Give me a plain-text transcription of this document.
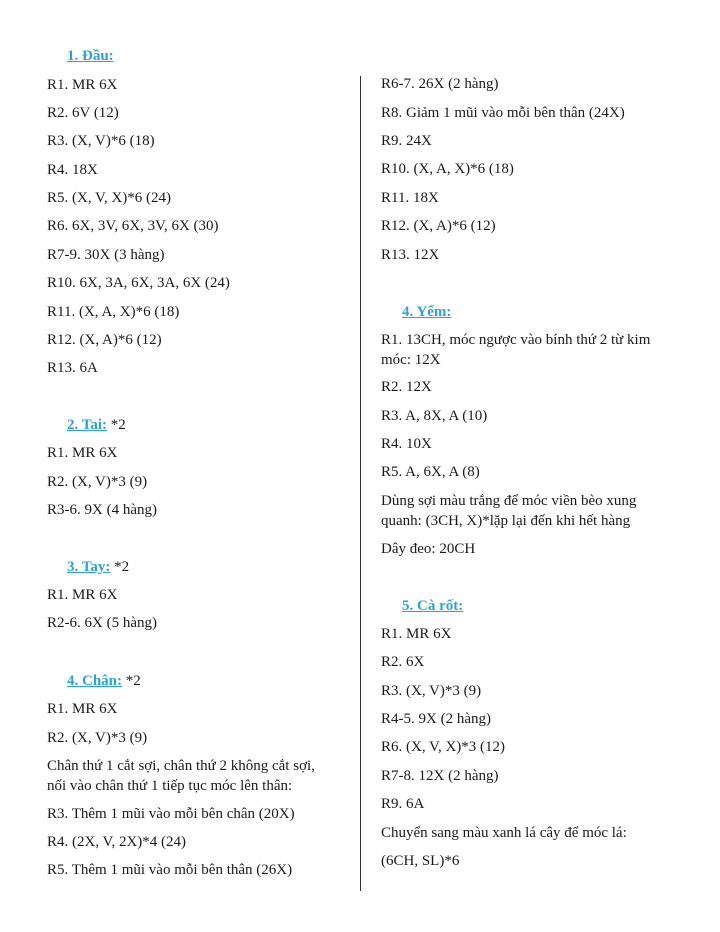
1. Đầu:
R1. MR 6X
R2. 6V (12)
R3. (X, V)*6 (18)
R4. 18X
R5. (X, V, X)*6 (24)
R6. 6X, 3V, 6X, 3V, 6X (30)
R7-9. 30X (3 hàng)
R10. 6X, 3A, 6X, 3A, 6X (24)
R11. (X, A, X)*6 (18)
R12. (X, A)*6 (12)
R13. 6A
2. Tai: *2
R1. MR 6X
R2. (X, V)*3 (9)
R3-6. 9X (4 hàng)
3. Tay: *2
R1. MR 6X
R2-6. 6X (5 hàng)
4. Chân: *2
R1. MR 6X
R2. (X, V)*3 (9)
Chân thứ 1 cắt sợi, chân thứ 2 không cắt sợi, nối vào chân thứ 1 tiếp tục móc lên thân:
R3. Thêm 1 mũi vào mỗi bên chân (20X)
R4. (2X, V, 2X)*4 (24)
R5. Thêm 1 mũi vào mỗi bên thân (26X)
R6-7. 26X (2 hàng)
R8. Giảm 1 mũi vào mỗi bên thân (24X)
R9. 24X
R10. (X, A, X)*6 (18)
R11. 18X
R12. (X, A)*6 (12)
R13. 12X
4. Yếm:
R1. 13CH, móc ngược vào bính thứ 2 từ kim móc: 12X
R2. 12X
R3. A, 8X, A (10)
R4. 10X
R5. A, 6X, A (8)
Dùng sợi màu trắng để móc viền bèo xung quanh: (3CH, X)*lặp lại đến khi hết hàng
Dây đeo: 20CH
5. Cà rốt:
R1. MR 6X
R2. 6X
R3. (X, V)*3 (9)
R4-5. 9X (2 hàng)
R6. (X, V, X)*3 (12)
R7-8. 12X (2 hàng)
R9. 6A
Chuyển sang màu xanh lá cây để móc lá:
(6CH, SL)*6
